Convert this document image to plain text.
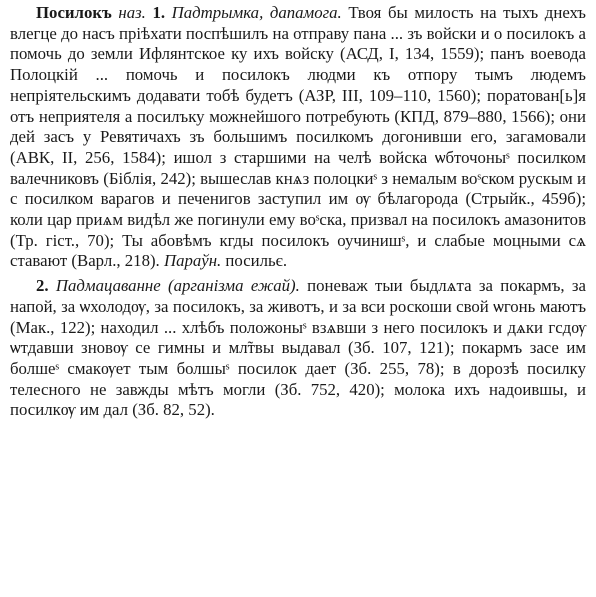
Посилокъ наз. 1. Падтрымка, дапамога. Твоя бы милость на тыхъ днехъ влегце до насъ прiѣхати поспѣшилъ на отправу пана ... зъ войски и о посилокъ а помочь до земли Ифлянтское ку ихъ войску (АСД, I, 134, 1559); панъ воевода Полоцкiй ... помочь и посилокъ людми къ отпору тымъ людемъ непрiятельскимъ додавати тобѣ будетъ (АЗР, III, 109–110, 1560); поратован[ь]я отъ неприятеля а посилъку можнейшого потребують (КПД, 879–880, 1566); они дей засъ у Ревятичахъ зъ большимъ посилкомъ догонивши его, загамовали (АВК, II, 256, 1584); ишол з старшими на челѣ войска ѡбточоныˢ посилком валечниковъ (Біблія, 242); вышеслав кнѧз полоцкиˢ з немалым воˢском рускым и с посилком варагов и печенигов заступил им ѹ бѣлагорода (Стрыйк., 459б); коли цар приѧм видѣл же погинули ему воˢска, призвал на посилокъ амазонитов (Тр. гiст., 70); Ты абовѣмъ кгды посилокъ оучинишˢ, и слабые моцными сѧ ставают (Варл., 218). Параўн. посильє.

2. Падмацаванне (арганізма ежай). поневаж тыи быдлѧта за покармъ, за напой, за ѡхолодѹ, за посилокъ, за животъ, и за вси роскоши свой ѡгонь маютъ (Мак., 122); находил ... хлѣбъ положоныˢ взѧвши з него посилокъ и дѧки гсдѹ ѡтдавши зновѹ се гимны и мл̃твы выдавал (Зб. 107, 121); покармъ засе им болшеˢ смакѹет тым болшыˢ посилок дает (Зб. 255, 78); в дорозѣ посилку телесного не завжды мѣтъ могли (Зб. 752, 420); молока ихъ надоившы, и посилкѹ им дал (Зб. 82, 52).
